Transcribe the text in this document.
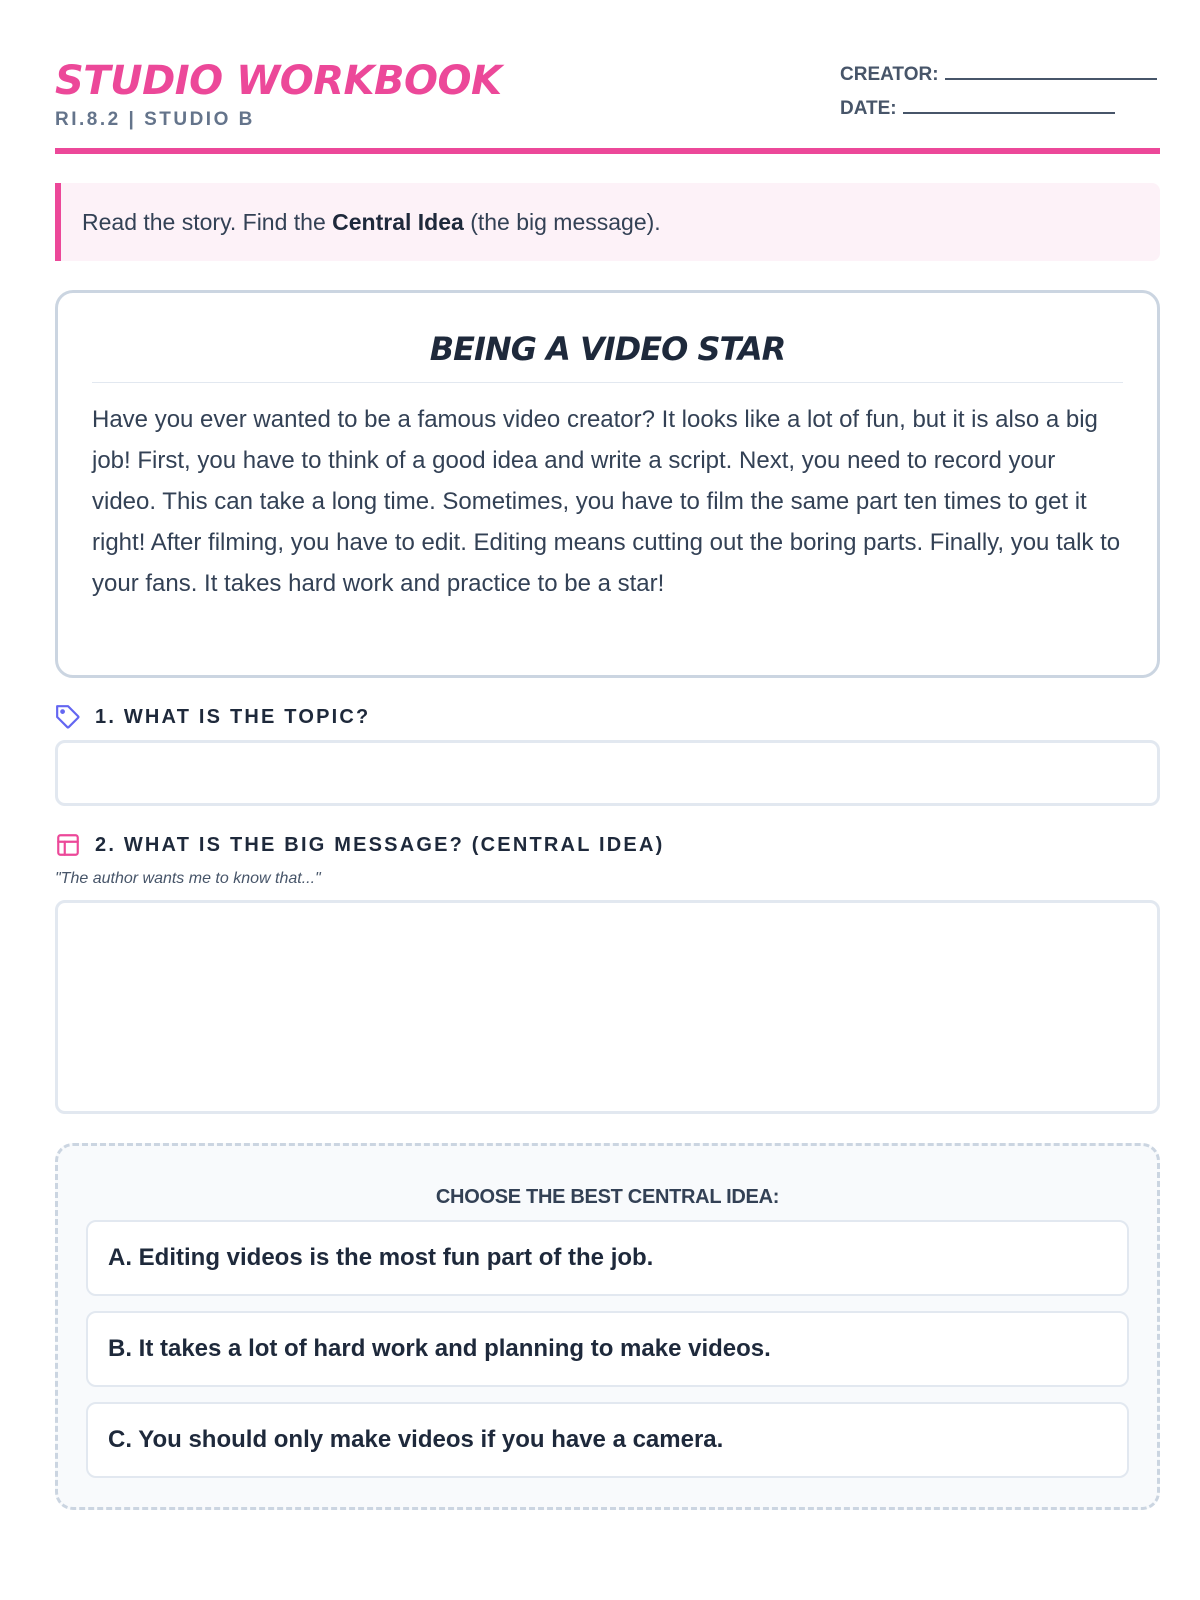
STUDIO WORKBOOK
RI.8.2 | STUDIO B
CREATOR:
DATE:
Read the story. Find the Central Idea (the big message).
BEING A VIDEO STAR
Have you ever wanted to be a famous video creator? It looks like a lot of fun, but it is also a big job! First, you have to think of a good idea and write a script. Next, you need to record your video. This can take a long time. Sometimes, you have to film the same part ten times to get it right! After filming, you have to edit. Editing means cutting out the boring parts. Finally, you talk to your fans. It takes hard work and practice to be a star!
1. WHAT IS THE TOPIC?
2. WHAT IS THE BIG MESSAGE? (CENTRAL IDEA)
"The author wants me to know that..."
CHOOSE THE BEST CENTRAL IDEA:
A. Editing videos is the most fun part of the job.
B. It takes a lot of hard work and planning to make videos.
C. You should only make videos if you have a camera.
